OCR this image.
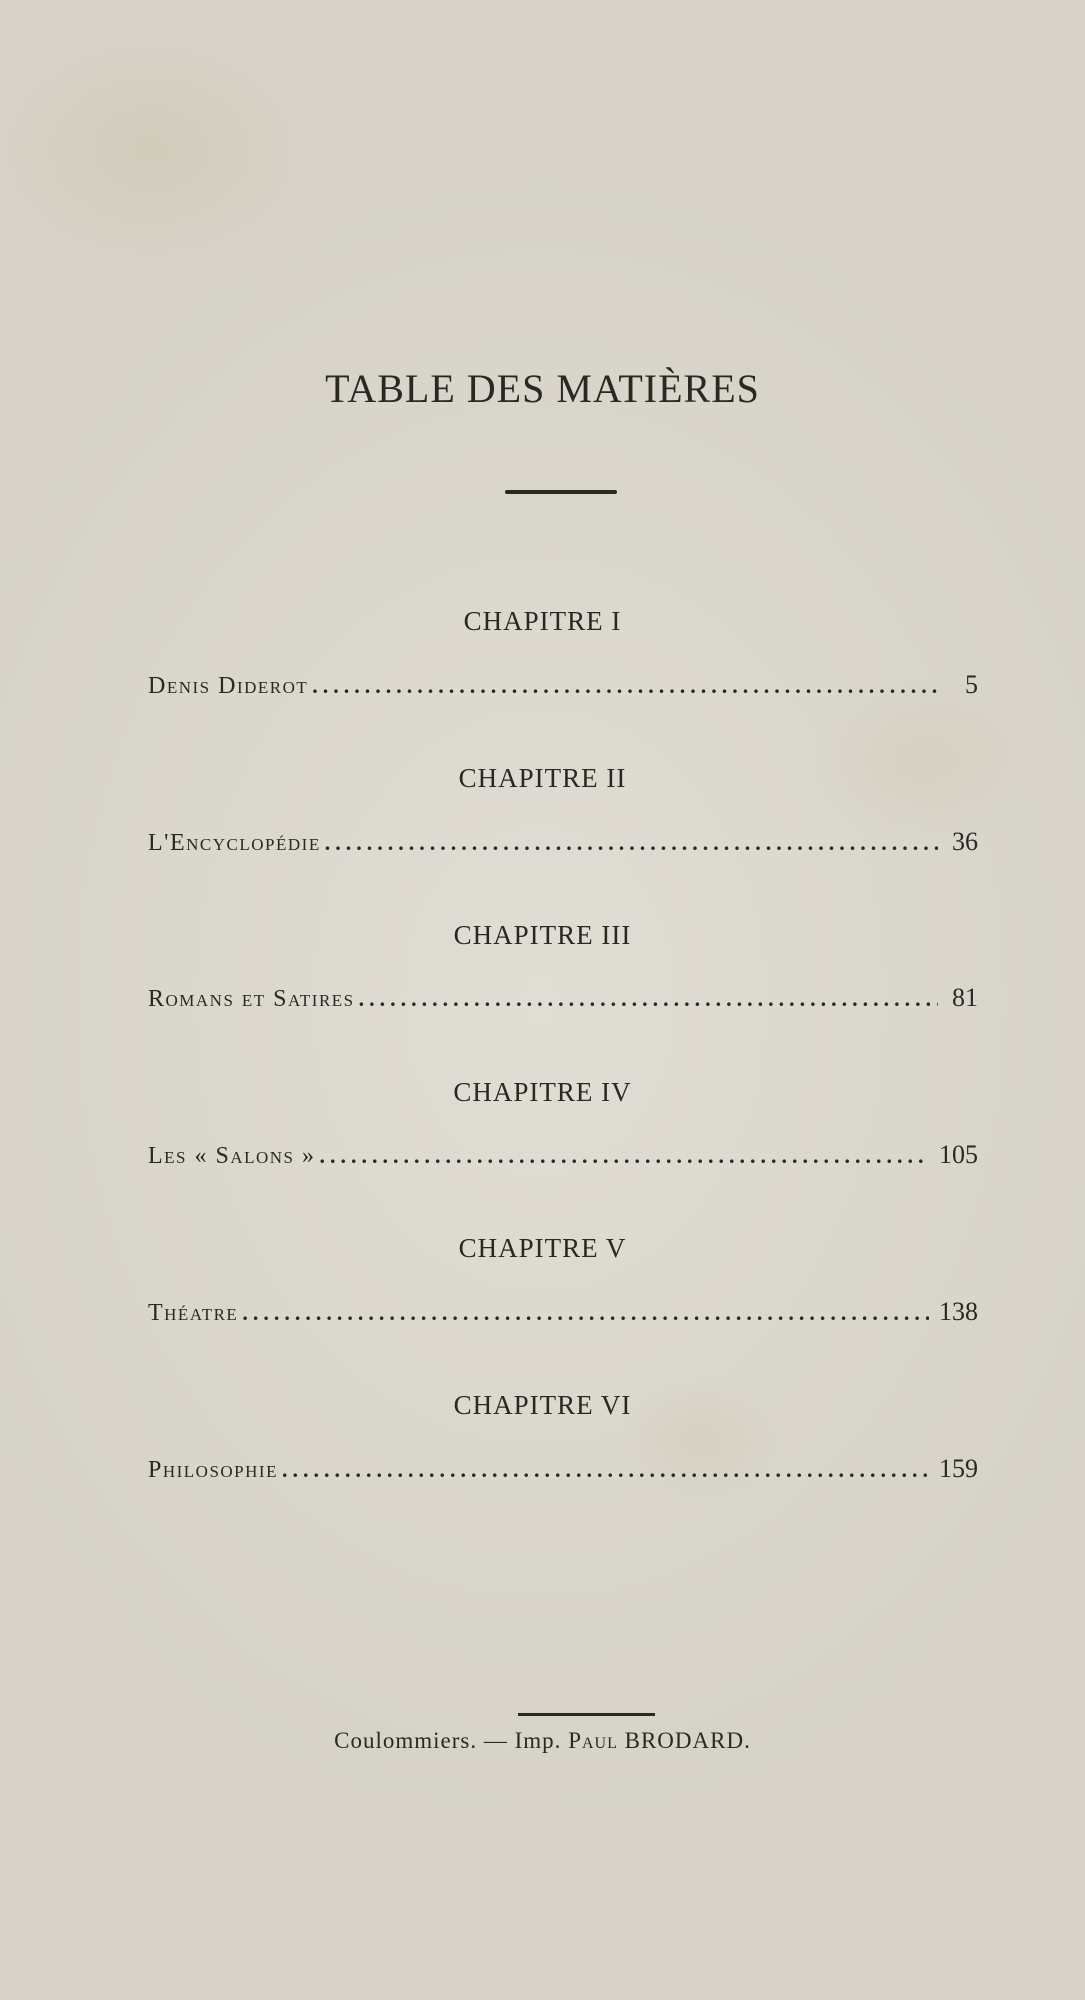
TABLE DES MATIÈRES
CHAPITRE I
Denis Diderot .....	5
CHAPITRE II
L'Encyclopédie .....	36
CHAPITRE III
Romans et Satires .....	81
CHAPITRE IV
Les « Salons » .....	105
CHAPITRE V
Théatre .....	138
CHAPITRE VI
Philosophie .....	159
Coulommiers. — Imp. Paul BRODARD.
